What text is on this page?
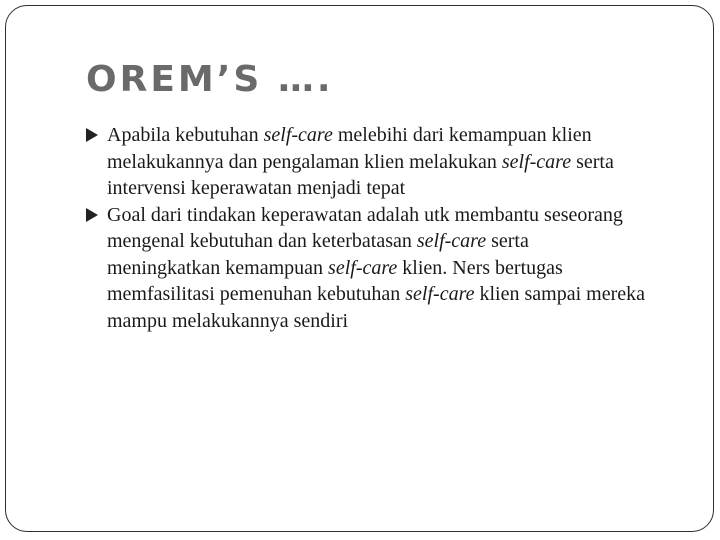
OREM’S ….

Apabila kebutuhan self-care melebihi dari kemampuan klien melakukannya dan pengalaman klien melakukan self-care serta intervensi keperawatan menjadi tepat

Goal dari tindakan keperawatan adalah utk membantu seseorang mengenal kebutuhan dan keterbatasan self-care serta meningkatkan kemampuan self-care klien. Ners bertugas memfasilitasi pemenuhan kebutuhan self-care klien sampai mereka mampu melakukannya sendiri
